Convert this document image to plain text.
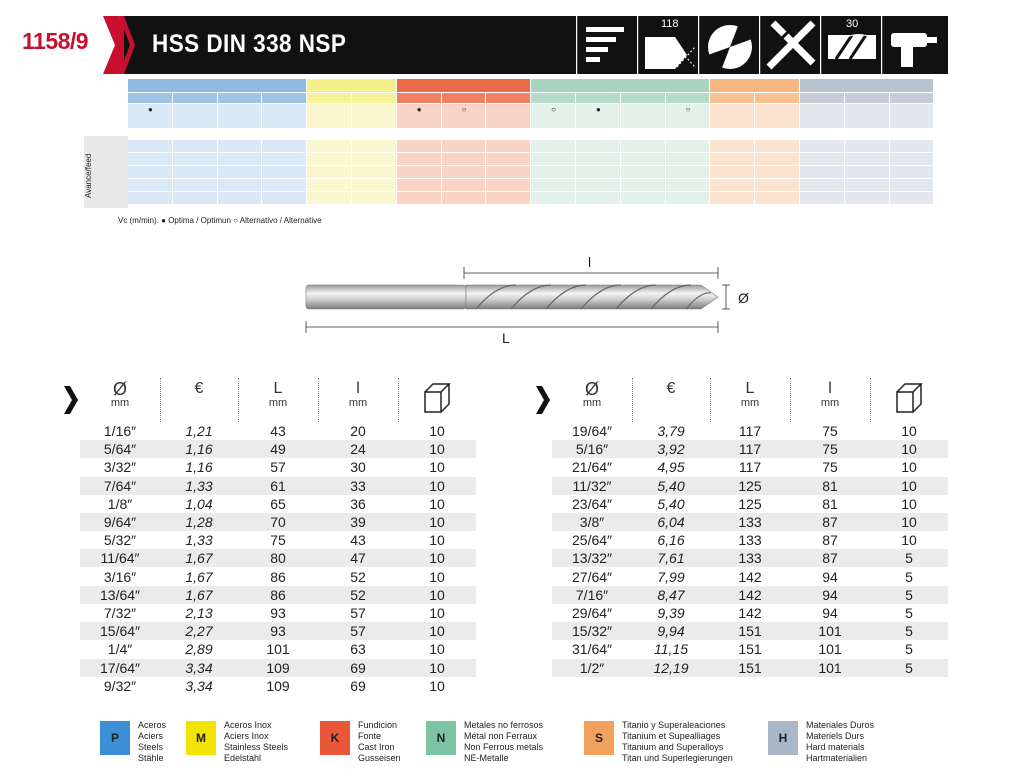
1158/9	HSS DIN 338 NSP
118	30
●	●	○	○	●	○
Avance/feed
Vc (m/min). ● Optima / Optimun ○ Alternativo / Alternative
l
Ø
L
Ø
mm
€	L
mm
l
mm
1/16″	1,21	43	20	10
5/64″	1,16	49	24	10
3/32″	1,16	57	30	10
7/64″	1,33	61	33	10
1/8″	1,04	65	36	10
9/64″	1,28	70	39	10
5/32″	1,33	75	43	10
11/64″	1,67	80	47	10
3/16″	1,67	86	52	10
13/64″	1,67	86	52	10
7/32″	2,13	93	57	10
15/64″	2,27	93	57	10
1/4″	2,89	101	63	10
17/64″	3,34	109	69	10
9/32″	3,34	109	69	10
Ø
mm
€	L
mm
l
mm
19/64″	3,79	117	75	10
5/16″	3,92	117	75	10
21/64″	4,95	117	75	10
11/32″	5,40	125	81	10
23/64″	5,40	125	81	10
3/8″	6,04	133	87	10
25/64″	6,16	133	87	10
13/32″	7,61	133	87	5
27/64″	7,99	142	94	5
7/16″	8,47	142	94	5
29/64″	9,39	142	94	5
15/32″	9,94	151	101	5
31/64″	11,15	151	101	5
1/2″	12,19	151	101	5
P
Aceros
Aciers
Steels
Stähle
M
Aceros Inox
Aciers Inox
Stainless Steels
Edelstahl
K
Fundicion
Fonte
Cast Iron
Gusseisen
N
Metales no ferrosos
Métal non Ferraux
Non Ferrous metals
NE-Metalle
S
Titanio y Superaleaciones
Titanium et Supealliages
Titanium and Superalloys
Titan und Superlegierungen
H
Materiales Duros
Materiels Durs
Hard materials
Hartmaterialien
